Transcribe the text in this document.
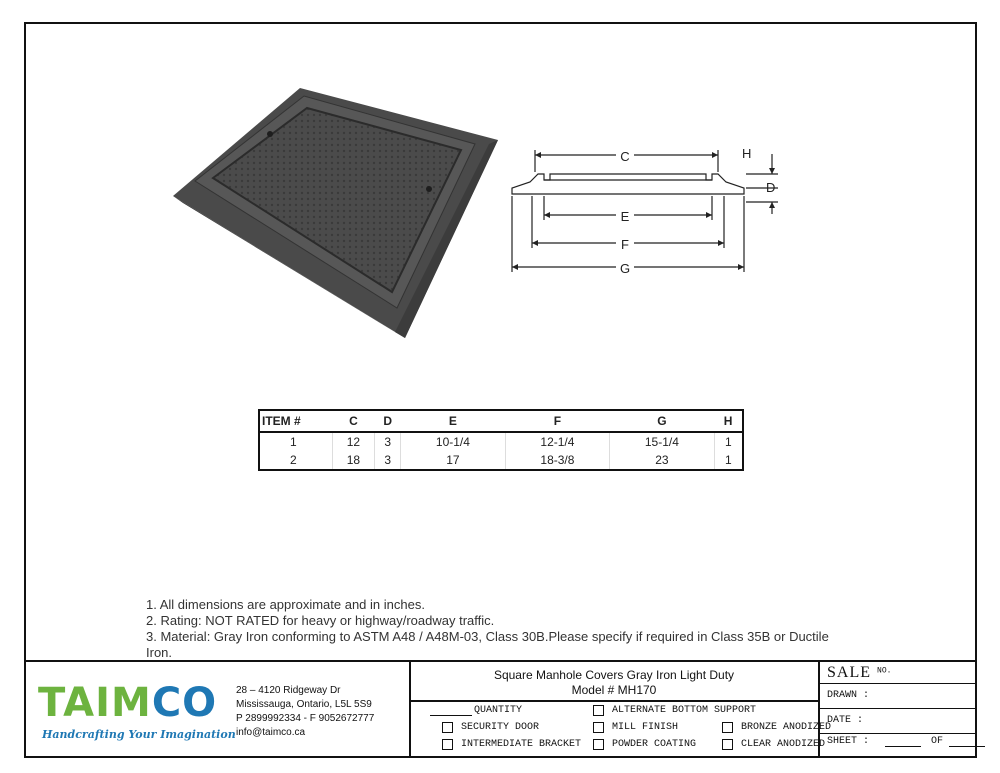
C
E
F
G
H
D
ITEM #	C	D	E	F	G	H
1	12	3	10-1/4	12-1/4	15-1/4	1
2	18	3	17	18-3/8	23	1
1. All dimensions are approximate and in inches.
2. Rating: NOT RATED for heavy or highway/roadway traffic.
3. Material: Gray Iron conforming to ASTM A48 / A48M-03, Class 30B.Please specify if required in Class 35B or Ductile
Iron.
TAIMCO
Handcrafting Your Imagination
28 – 4120 Ridgeway Dr
Mississauga, Ontario, L5L 5S9
P 2899992334 - F 9052672777
info@taimco.ca
Square Manhole Covers Gray Iron Light Duty
Model # MH170
QUANTITY	ALTERNATE BOTTOM SUPPORT
SECURITY DOOR	MILL FINISH	BRONZE ANODIZED
INTERMEDIATE BRACKET	POWDER COATING	CLEAR ANODIZED
SALE $^{NO.}$
DRAWN :
DATE :
SHEET :	OF
